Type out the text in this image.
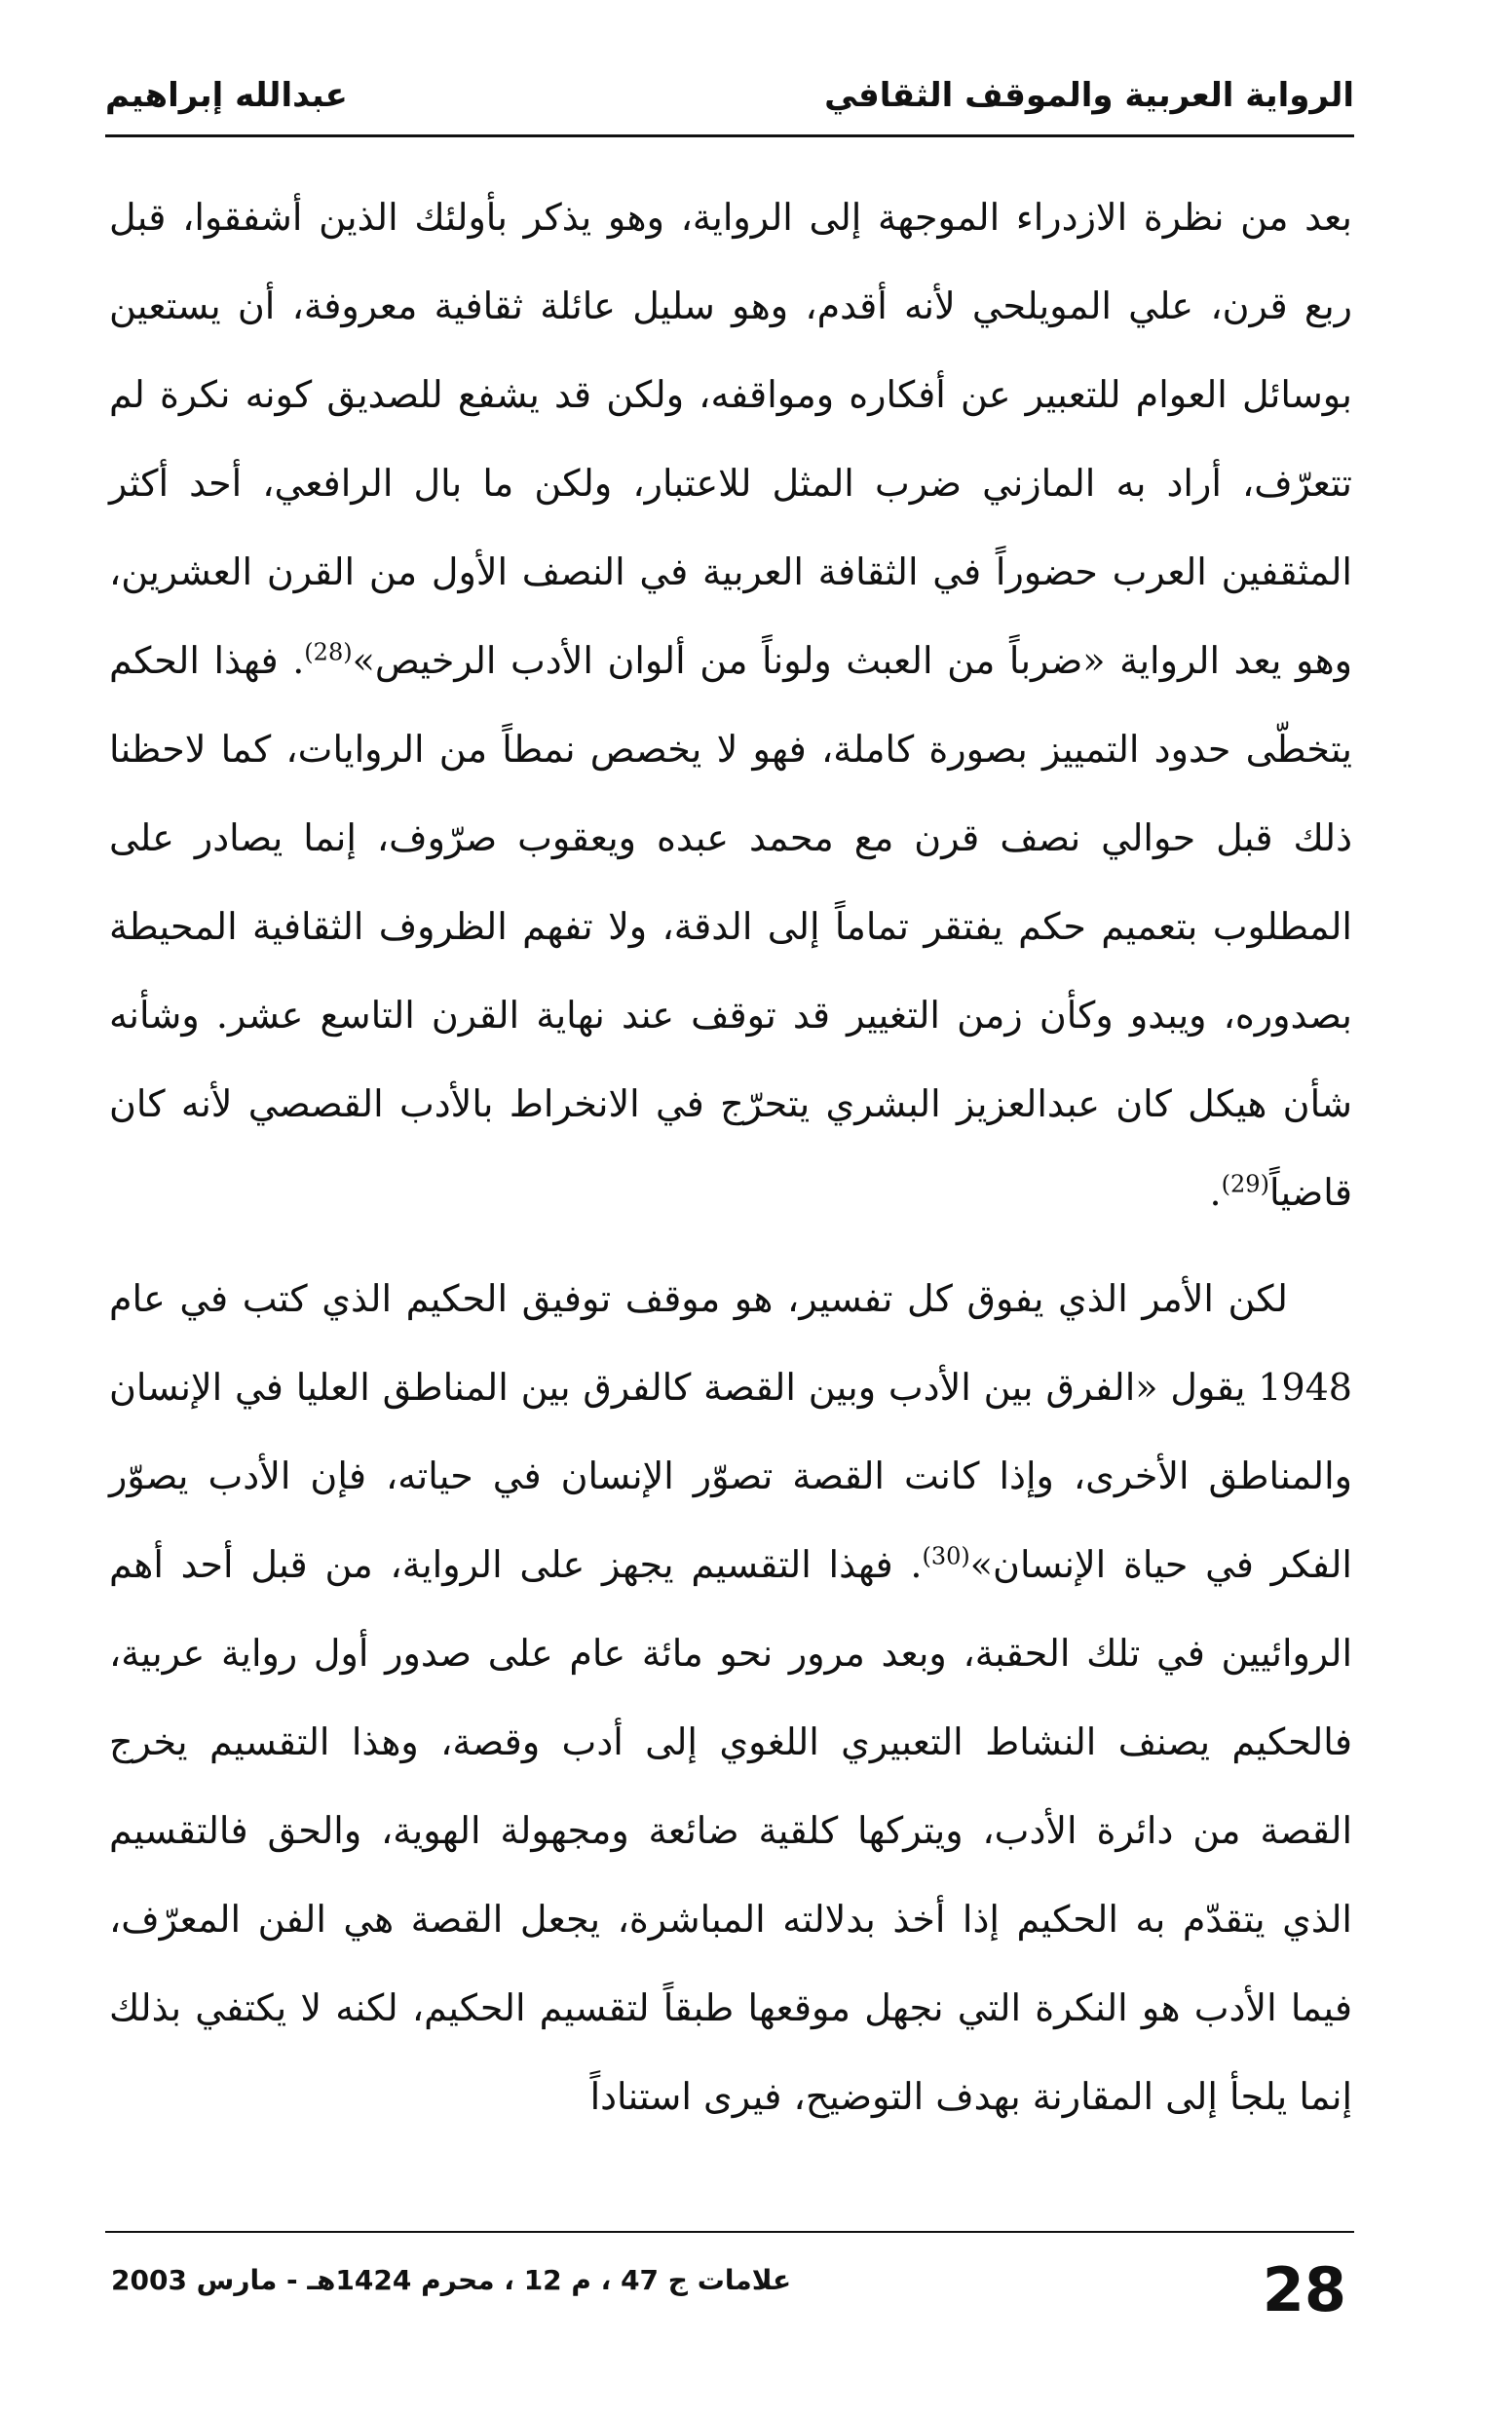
الرواية العربية والموقف الثقافي
عبدالله إبراهيم

بعد من نظرة الازدراء الموجهة إلى الرواية، وهو يذكر بأولئك الذين أشفقوا، قبل ربع قرن، علي المويلحي لأنه أقدم، وهو سليل عائلة ثقافية معروفة، أن يستعين بوسائل العوام للتعبير عن أفكاره ومواقفه، ولكن قد يشفع للصديق كونه نكرة لم تتعرّف، أراد به المازني ضرب المثل للاعتبار، ولكن ما بال الرافعي، أحد أكثر المثقفين العرب حضوراً في الثقافة العربية في النصف الأول من القرن العشرين، وهو يعد الرواية «ضرباً من العبث ولوناً من ألوان الأدب الرخيص»$^{(28)}$. فهذا الحكم يتخطّى حدود التمييز بصورة كاملة، فهو لا يخصص نمطاً من الروايات، كما لاحظنا ذلك قبل حوالي نصف قرن مع محمد عبده ويعقوب صرّوف، إنما يصادر على المطلوب بتعميم حكم يفتقر تماماً إلى الدقة، ولا تفهم الظروف الثقافية المحيطة بصدوره، ويبدو وكأن زمن التغيير قد توقف عند نهاية القرن التاسع عشر. وشأنه شأن هيكل كان عبدالعزيز البشري يتحرّج في الانخراط بالأدب القصصي لأنه كان قاضياً$^{(29)}$.

لكن الأمر الذي يفوق كل تفسير، هو موقف توفيق الحكيم الذي كتب في عام 1948 يقول «الفرق بين الأدب وبين القصة كالفرق بين المناطق العليا في الإنسان والمناطق الأخرى، وإذا كانت القصة تصوّر الإنسان في حياته، فإن الأدب يصوّر الفكر في حياة الإنسان»$^{(30)}$. فهذا التقسيم يجهز على الرواية، من قبل أحد أهم الروائيين في تلك الحقبة، وبعد مرور نحو مائة عام على صدور أول رواية عربية، فالحكيم يصنف النشاط التعبيري اللغوي إلى أدب وقصة، وهذا التقسيم يخرج القصة من دائرة الأدب، ويتركها كلقية ضائعة ومجهولة الهوية، والحق فالتقسيم الذي يتقدّم به الحكيم إذا أخذ بدلالته المباشرة، يجعل القصة هي الفن المعرّف، فيما الأدب هو النكرة التي نجهل موقعها طبقاً لتقسيم الحكيم، لكنه لا يكتفي بذلك إنما يلجأ إلى المقارنة بهدف التوضيح، فيرى استناداً

28
علامات ج 47 ، م 12 ، محرم 1424هـ - مارس 2003
